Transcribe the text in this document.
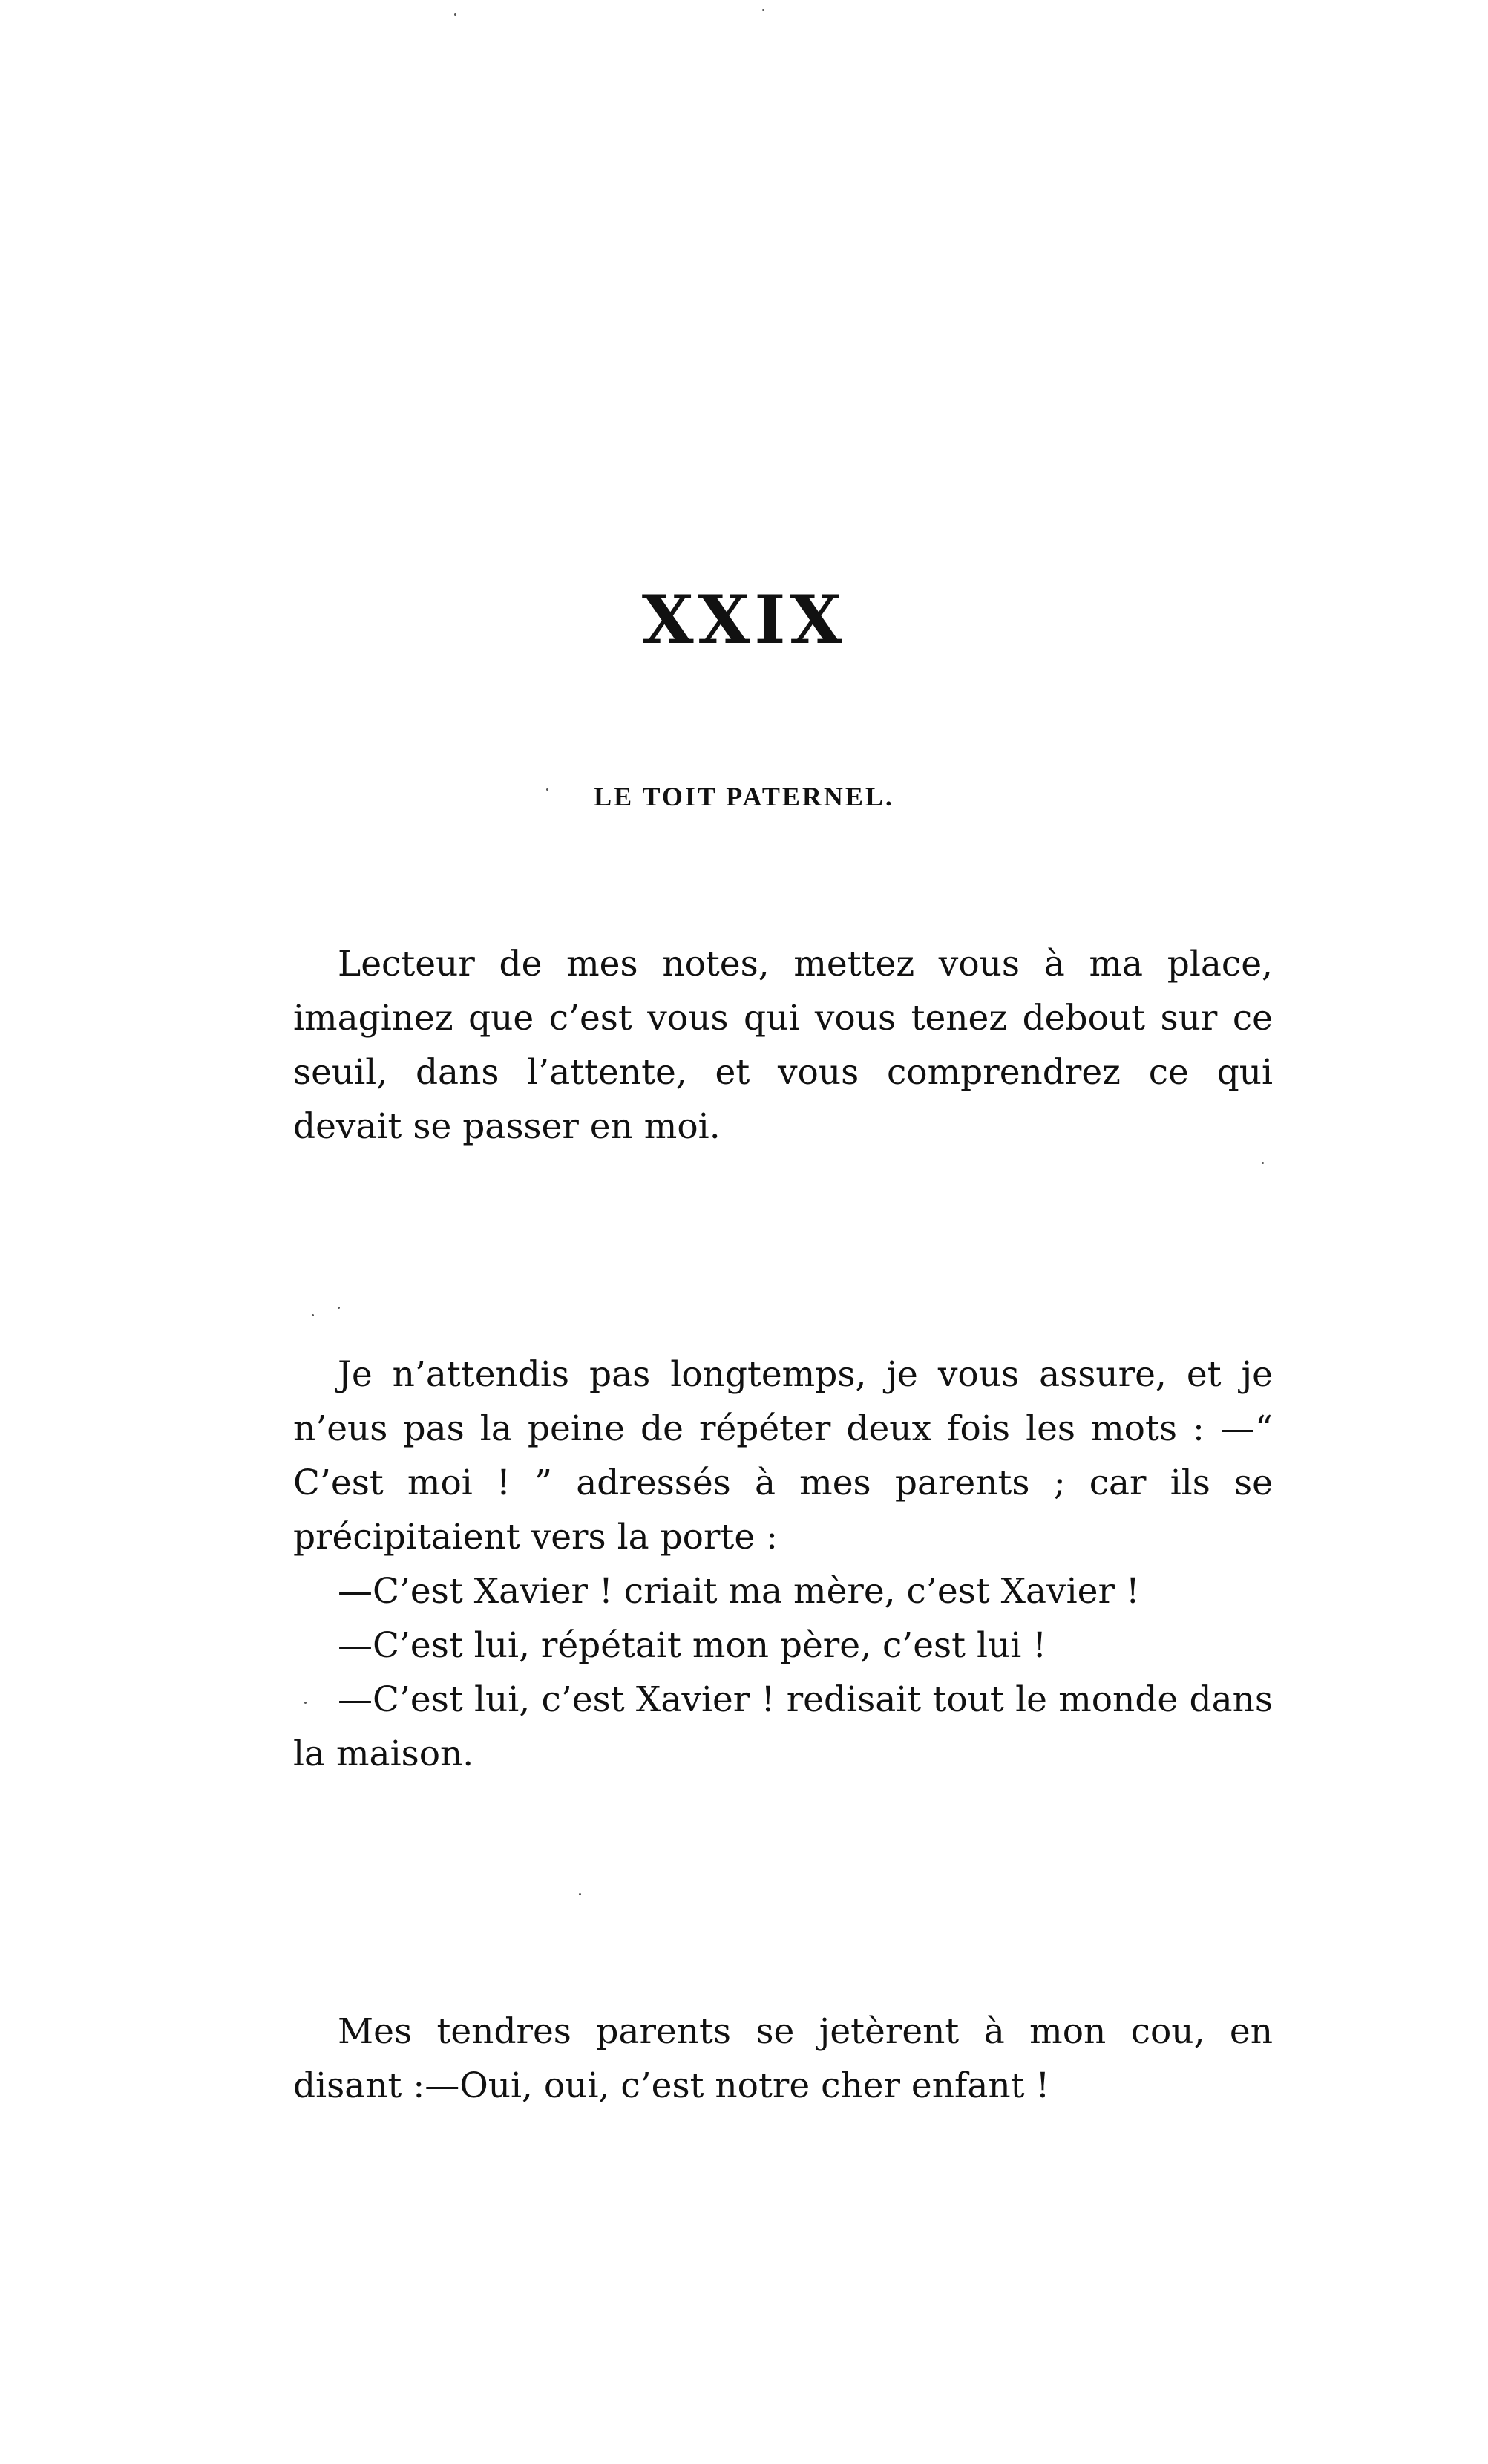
XXIX
LE TOIT PATERNEL.

Lecteur de mes notes, mettez vous à ma place, imaginez que c’est vous qui vous tenez debout sur ce seuil, dans l’attente, et vous comprendrez ce qui devait se passer en moi.

Je n’attendis pas longtemps, je vous assure, et je n’eus pas la peine de répéter deux fois les mots : —“ C’est moi ! ” adressés à mes parents ; car ils se précipitaient vers la porte :

—C’est Xavier ! criait ma mère, c’est Xavier !

—C’est lui, répétait mon père, c’est lui !

—C’est lui, c’est Xavier ! redisait tout le monde dans la maison.

Mes tendres parents se jetèrent à mon cou, en disant :—Oui, oui, c’est notre cher enfant !
